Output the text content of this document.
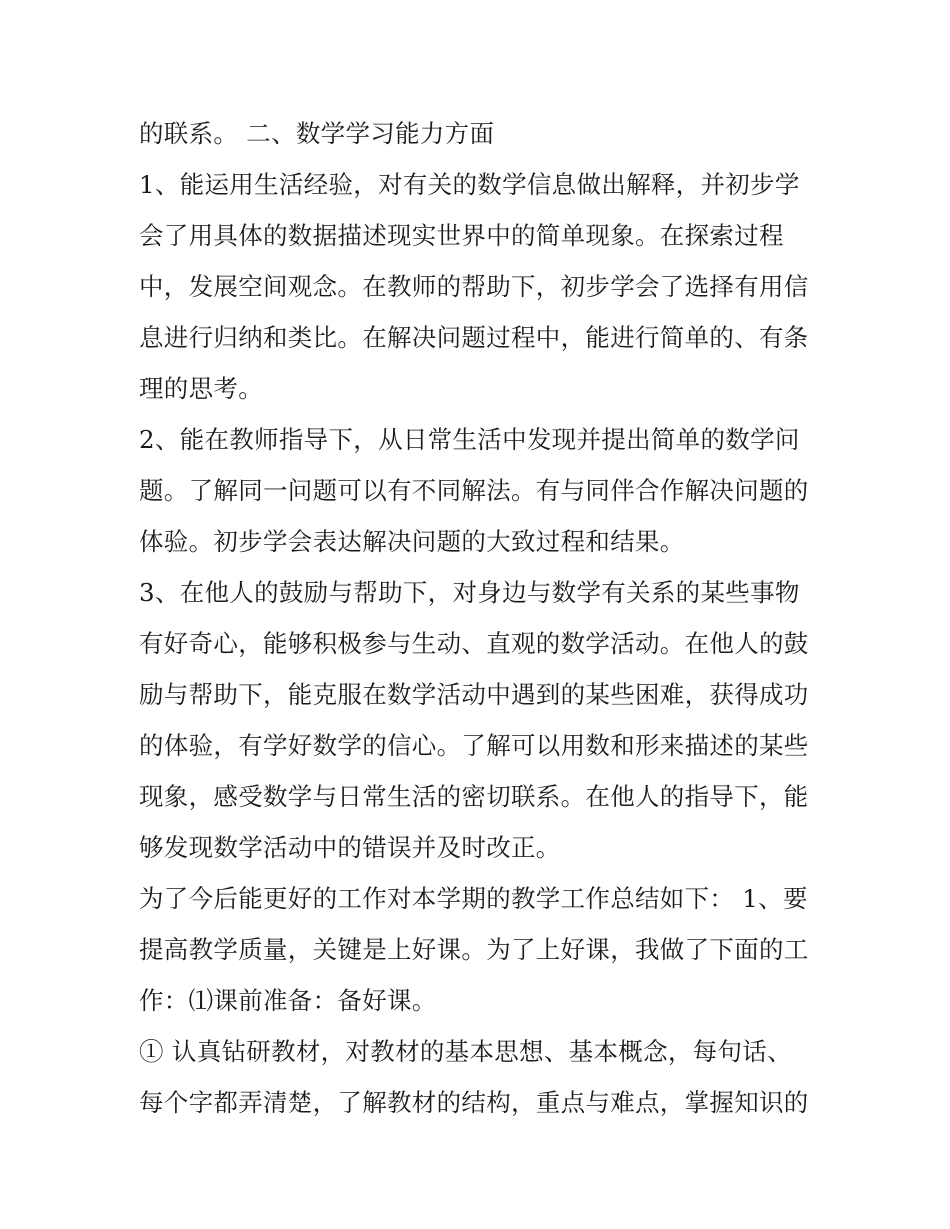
的联系。 二、数学学习能力方面
1、能运用生活经验，对有关的数学信息做出解释，并初步学
会了用具体的数据描述现实世界中的简单现象。在探索过程
中，发展空间观念。在教师的帮助下，初步学会了选择有用信
息进行归纳和类比。在解决问题过程中，能进行简单的、有条
理的思考。
2、能在教师指导下，从日常生活中发现并提出简单的数学问
题。了解同一问题可以有不同解法。有与同伴合作解决问题的
体验。初步学会表达解决问题的大致过程和结果。
3、在他人的鼓励与帮助下，对身边与数学有关系的某些事物
有好奇心，能够积极参与生动、直观的数学活动。在他人的鼓
励与帮助下，能克服在数学活动中遇到的某些困难，获得成功
的体验，有学好数学的信心。了解可以用数和形来描述的某些
现象，感受数学与日常生活的密切联系。在他人的指导下，能
够发现数学活动中的错误并及时改正。
为了今后能更好的工作对本学期的教学工作总结如下： 1、要
提高教学质量，关键是上好课。为了上好课，我做了下面的工
作：⑴课前准备：备好课。
① 认真钻研教材，对教材的基本思想、基本概念，每句话、
每个字都弄清楚，了解教材的结构，重点与难点，掌握知识的
